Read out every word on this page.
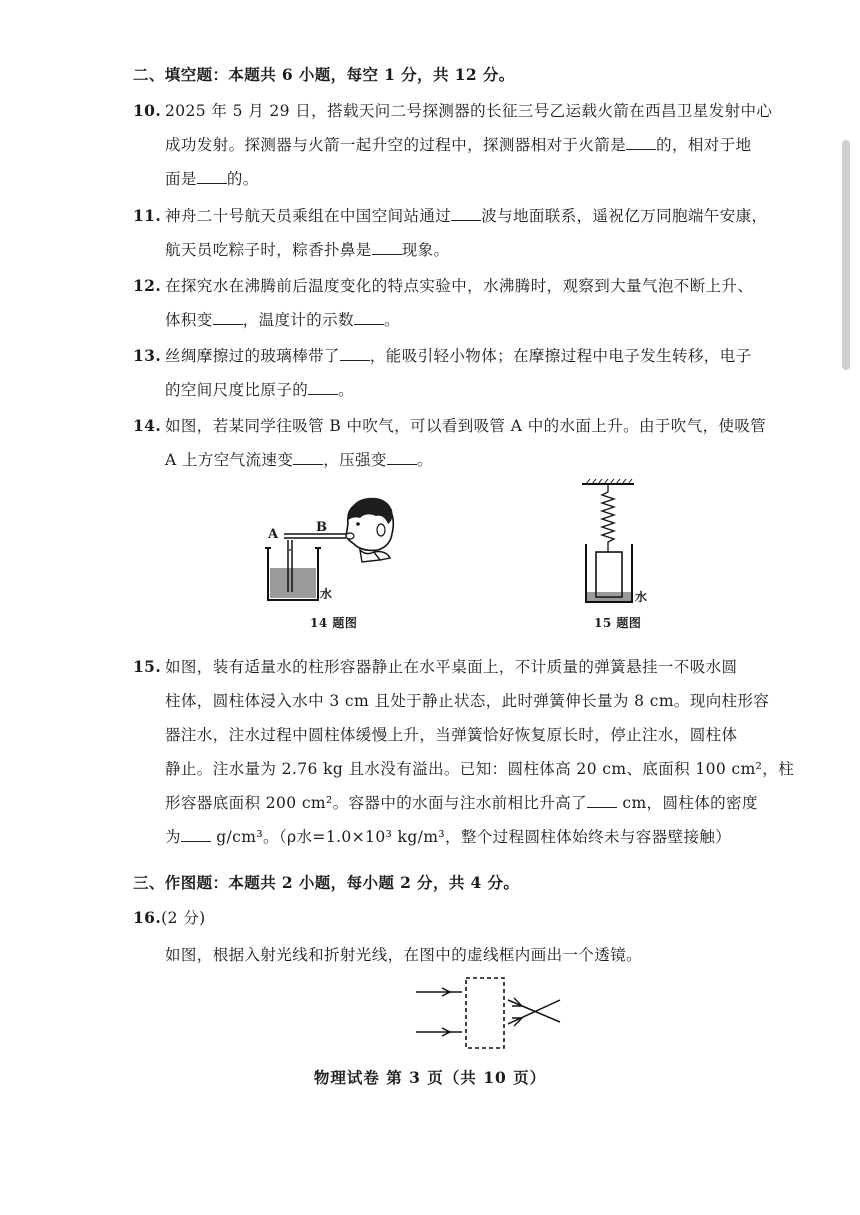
二、填空题：本题共 6 小题，每空 1 分，共 12 分。
10. 2025 年 5 月 29 日，搭载天问二号探测器的长征三号乙运载火箭在西昌卫星发射中心
成功发射。探测器与火箭一起升空的过程中，探测器相对于火箭是 的，相对于地
面是 的。
11. 神舟二十号航天员乘组在中国空间站通过 波与地面联系，遥祝亿万同胞端午安康，
航天员吃粽子时，粽香扑鼻是 现象。
12. 在探究水在沸腾前后温度变化的特点实验中，水沸腾时，观察到大量气泡不断上升、
体积变 ，温度计的示数 。
13. 丝绸摩擦过的玻璃棒带了 ，能吸引轻小物体；在摩擦过程中电子发生转移，电子
的空间尺度比原子的 。
14. 如图，若某同学往吸管 B 中吹气，可以看到吸管 A 中的水面上升。由于吹气，使吸管
A 上方空气流速变 ，压强变 。
A	B
水
14 题图
水
15 题图
15. 如图，装有适量水的柱形容器静止在水平桌面上，不计质量的弹簧悬挂一不吸水圆
柱体，圆柱体浸入水中 3 cm 且处于静止状态，此时弹簧伸长量为 8 cm。现向柱形容
器注水，注水过程中圆柱体缓慢上升，当弹簧恰好恢复原长时，停止注水，圆柱体
静止。注水量为 2.76 kg 且水没有溢出。已知：圆柱体高 20 cm、底面积 100 cm²，柱
形容器底面积 200 cm²。容器中的水面与注水前相比升高了 cm，圆柱体的密度
为 g/cm³。（ρ水=1.0×10³ kg/m³，整个过程圆柱体始终未与容器壁接触）
三、作图题：本题共 2 小题，每小题 2 分，共 4 分。
16.(2 分)
如图，根据入射光线和折射光线，在图中的虚线框内画出一个透镜。
物理试卷 第 3 页（共 10 页）
